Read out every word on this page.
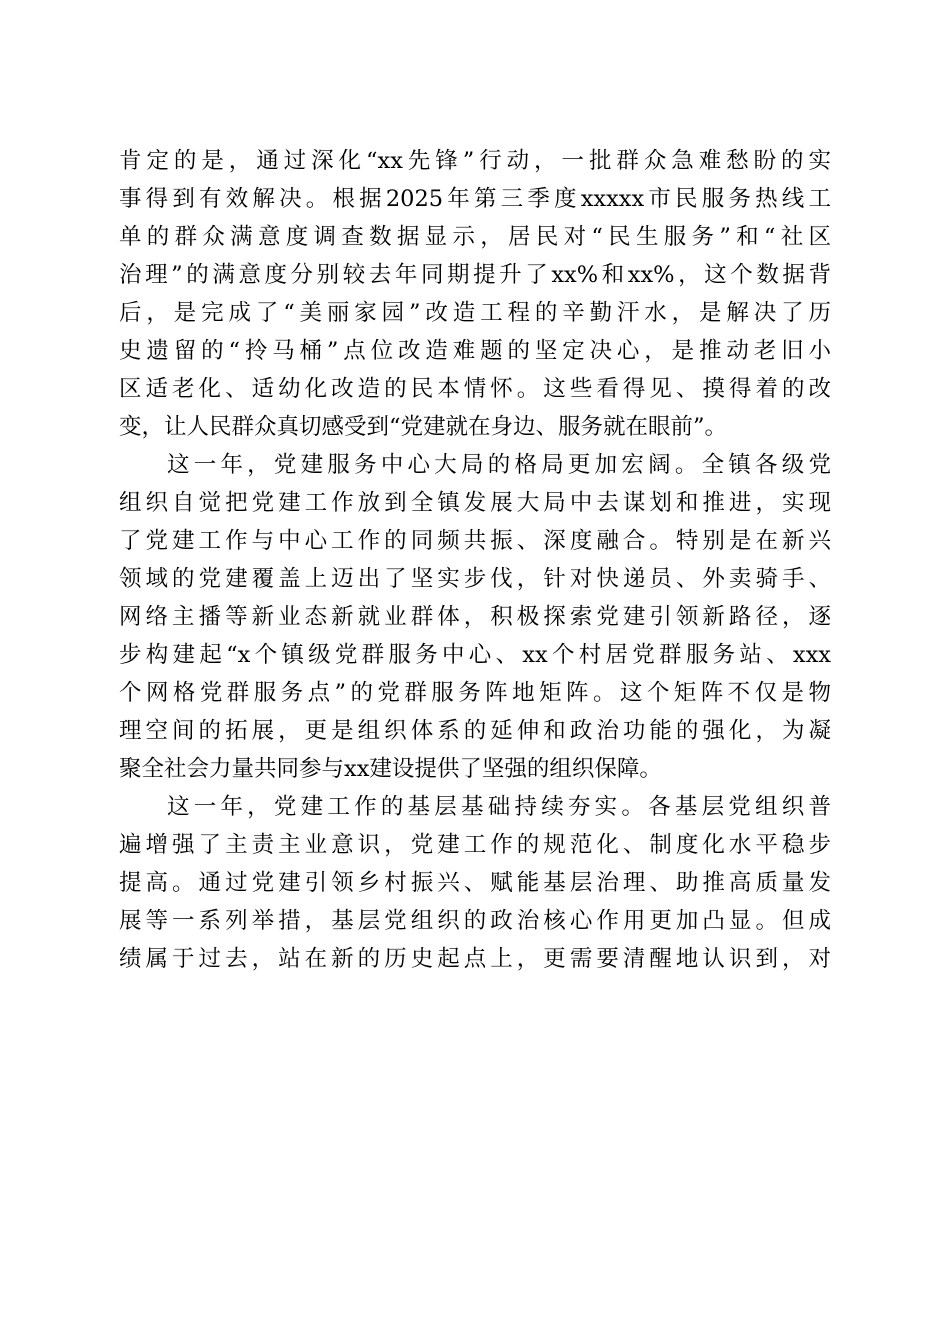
肯定的是，通过深化“xx先锋”行动，一批群众急难愁盼的实
事得到有效解决。根据2025年第三季度xxxxx市民服务热线工
单的群众满意度调查数据显示，居民对“民生服务”和“社区
治理”的满意度分别较去年同期提升了xx%和xx%，这个数据背
后，是完成了“美丽家园”改造工程的辛勤汗水，是解决了历
史遗留的“拎马桶”点位改造难题的坚定决心，是推动老旧小
区适老化、适幼化改造的民本情怀。这些看得见、摸得着的改
变，让人民群众真切感受到“党建就在身边、服务就在眼前”。
这一年，党建服务中心大局的格局更加宏阔。全镇各级党
组织自觉把党建工作放到全镇发展大局中去谋划和推进，实现
了党建工作与中心工作的同频共振、深度融合。特别是在新兴
领域的党建覆盖上迈出了坚实步伐，针对快递员、外卖骑手、
网络主播等新业态新就业群体，积极探索党建引领新路径，逐
步构建起“x个镇级党群服务中心、xx个村居党群服务站、xxx
个网格党群服务点”的党群服务阵地矩阵。这个矩阵不仅是物
理空间的拓展，更是组织体系的延伸和政治功能的强化，为凝
聚全社会力量共同参与xx建设提供了坚强的组织保障。
这一年，党建工作的基层基础持续夯实。各基层党组织普
遍增强了主责主业意识，党建工作的规范化、制度化水平稳步
提高。通过党建引领乡村振兴、赋能基层治理、助推高质量发
展等一系列举措，基层党组织的政治核心作用更加凸显。但成
绩属于过去，站在新的历史起点上，更需要清醒地认识到，对
